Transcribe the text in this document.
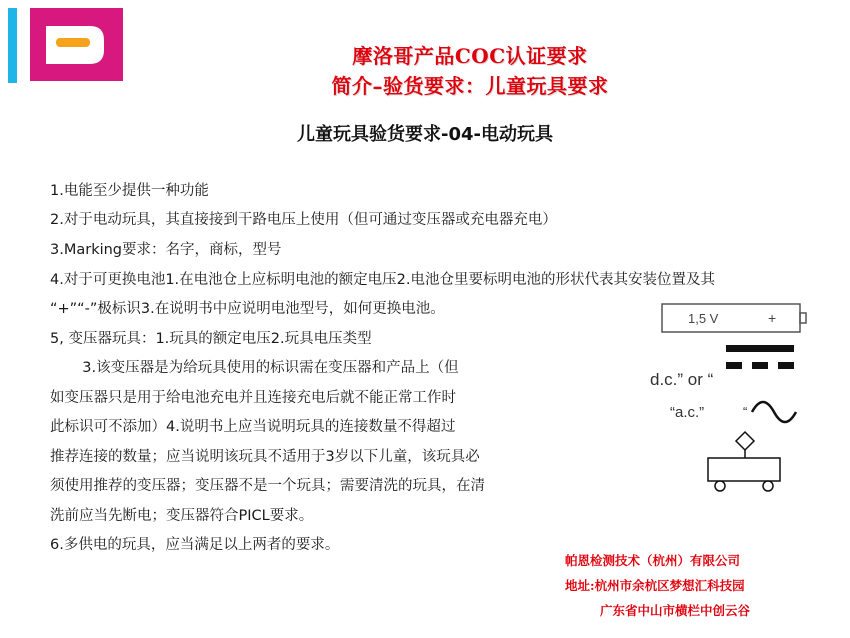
摩洛哥产品COC认证要求
简介–验货要求：儿童玩具要求
儿童玩具验货要求-04-电动玩具
1.电能至少提供一种功能
2.对于电动玩具，其直接接到干路电压上使用（但可通过变压器或充电器充电）
3.Marking要求：名字，商标，型号
4.对于可更换电池1.在电池仓上应标明电池的额定电压2.电池仓里要标明电池的形状代表其安装位置及其
“+”“-”极标识3.在说明书中应说明电池型号，如何更换电池。
5, 变压器玩具：1.玩具的额定电压2.玩具电压类型
3.该变压器是为给玩具使用的标识需在变压器和产品上（但
如变压器只是用于给电池充电并且连接充电后就不能正常工作时
此标识可不添加）4.说明书上应当说明玩具的连接数量不得超过
推荐连接的数量；应当说明该玩具不适用于3岁以下儿童，该玩具必
须使用推荐的变压器；变压器不是一个玩具；需要清洗的玩具，在清
洗前应当先断电；变压器符合PICL要求。
6.多供电的玩具，应当满足以上两者的要求。
1,5 V	+
d.c.” or “
“a.c.”	“
帕恩检测技术（杭州）有限公司
地址:杭州市余杭区梦想汇科技园
广东省中山市横栏中创云谷
